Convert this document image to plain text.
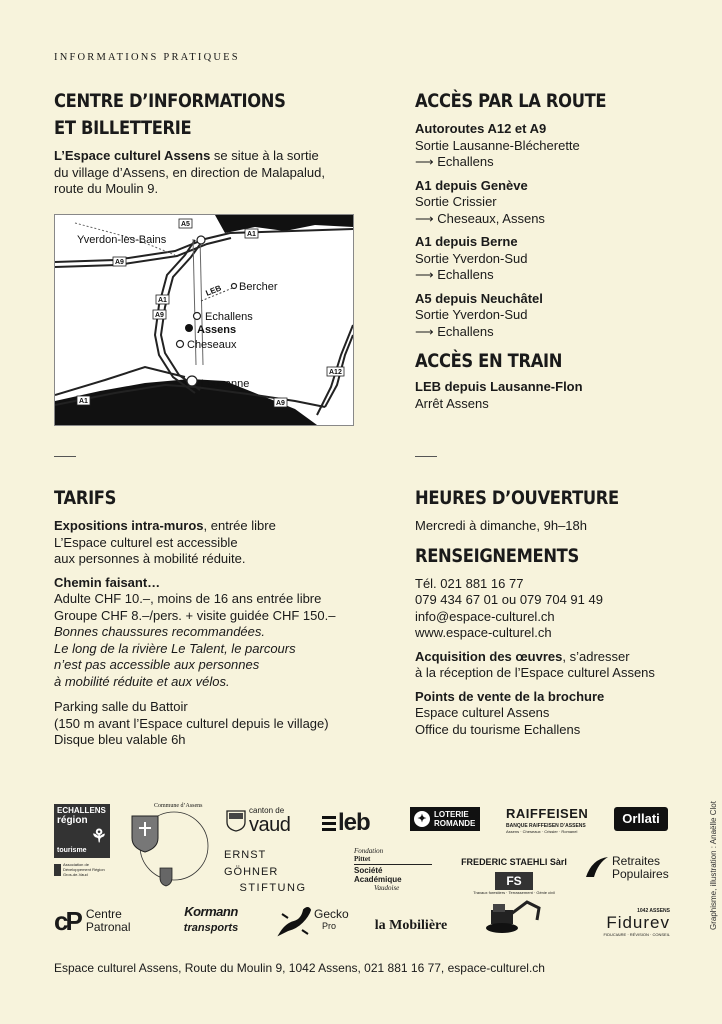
INFORMATIONS PRATIQUES
CENTRE D’INFORMATIONS
ET BILLETTERIE

L’Espace culturel Assens se situe à la sortie

du village d’Assens, en direction de Malapalud,

route du Moulin 9.

Yverdon-les-Bains
Bercher
Echallens
Assens
Cheseaux
Lausanne
LEB
A5
A1
A9
A1
A9
A12
A1	A9
ACCÈS PAR LA ROUTE

Autoroutes A12 et A9

Sortie Lausanne-Blécherette

⟶ Echallens

A1 depuis Genève

Sortie Crissier

⟶ Cheseaux, Assens

A1 depuis Berne

Sortie Yverdon-Sud

⟶ Echallens

A5 depuis Neuchâtel

Sortie Yverdon-Sud

⟶ Echallens

ACCÈS EN TRAIN

LEB depuis Lausanne-Flon

Arrêt Assens

TARIFS

Expositions intra-muros, entrée libre

L’Espace culturel est accessible

aux personnes à mobilité réduite.

Chemin faisant…

Adulte CHF 10.–, moins de 16 ans entrée libre

Groupe CHF 8.–/pers. + visite guidée CHF 150.–

Bonnes chaussures recommandées.

Le long de la rivière Le Talent, le parcours

n’est pas accessible aux personnes

à mobilité réduite et aux vélos.

Parking salle du Battoir

(150 m avant l’Espace culturel depuis le village)

Disque bleu valable 6h

HEURES D’OUVERTURE

Mercredi à dimanche, 9h–18h

RENSEIGNEMENTS

Tél. 021 881 16 77

079 434 67 01 ou 079 704 91 49

info@espace-culturel.ch

www.espace-culturel.ch

Acquisition des œuvres, s’adresser

à la réception de l’Espace culturel Assens

Points de vente de la brochure

Espace culturel Assens

Office du tourisme Echallens

ECHALLENS
région
⚘
tourisme
Association de Développement Région Gros-de-Vaud
Commune d’Assens	canton de
vaud leb	✦ LOTERIE
ROMANDE
RAIFFEISEN
BANQUE RAIFFEISEN D’ASSENS
Assens · Cheseaux · Crissier · Romanel
Orllati
ERNST GÖHNER
STIFTUNG
Fondation
Pittet
Société
Académique
Vaudoise
FREDERIC STAEHLI Sàrl
FS
Travaux forestiers · Terrassement · Génie civil
Retraites
Populaires
cP Centre
Patronal
Kormann
transports
Gecko
Pro	la Mobilière
1042 ASSENS
Fidurev
FIDUCIAIRE · RÉVISION · CONSEIL
Graphisme, illustration : Anaëlle Clot
Espace culturel Assens, Route du Moulin 9, 1042 Assens, 021 881 16 77, espace-culturel.ch
